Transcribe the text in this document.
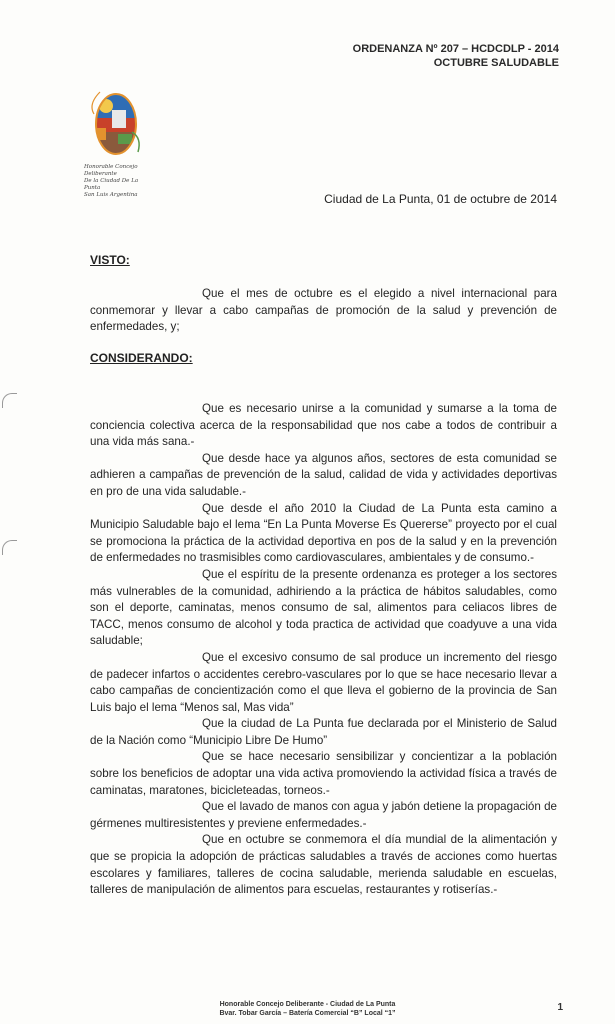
ORDENANZA Nº 207 – HCDCDLP - 2014
OCTUBRE SALUDABLE
Honorable Concejo Deliberante
De la Ciudad De La Punta
San Luis Argentina	Ciudad de La Punta, 01 de octubre de 2014
VISTO:

Que el mes de octubre es el elegido a nivel internacional para conmemorar y llevar a cabo campañas de promoción de la salud y prevención de enfermedades, y;

CONSIDERANDO:

Que es necesario unirse a la comunidad y sumarse a la toma de conciencia colectiva acerca de la responsabilidad que nos cabe a todos de contribuir a una vida más sana.-

Que desde hace ya algunos años, sectores de esta comunidad se adhieren a campañas de prevención de la salud, calidad de vida y actividades deportivas en pro de una vida saludable.-

Que desde el año 2010 la Ciudad de La Punta esta camino a Municipio Saludable bajo el lema “En La Punta Moverse Es Quererse” proyecto por el cual se promociona la práctica de la actividad deportiva en pos de la salud y en la prevención de enfermedades no trasmisibles como cardiovasculares, ambientales y de consumo.-

Que el espíritu de la presente ordenanza es proteger a los sectores más vulnerables de la comunidad, adhiriendo a la práctica de hábitos saludables, como son el deporte, caminatas, menos consumo de sal, alimentos para celiacos libres de TACC, menos consumo de alcohol y toda practica de actividad que coadyuve a una vida saludable;

Que el excesivo consumo de sal produce un incremento del riesgo de padecer infartos o accidentes cerebro-vasculares por lo que se hace necesario llevar a cabo campañas de concientización como el que lleva el gobierno de la provincia de San Luis bajo el lema “Menos sal, Mas vida”

Que la ciudad de La Punta fue declarada por el Ministerio de Salud de la Nación como “Municipio Libre De Humo”

Que se hace necesario sensibilizar y concientizar a la población sobre los beneficios de adoptar una vida activa promoviendo la actividad física a través de caminatas, maratones, bicicleteadas, torneos.-

Que el lavado de manos con agua y jabón detiene la propagación de gérmenes multiresistentes y previene enfermedades.-

Que en octubre se conmemora el día mundial de la alimentación y que se propicia la adopción de prácticas saludables a través de acciones como huertas escolares y familiares, talleres de cocina saludable, merienda saludable en escuelas, talleres de manipulación de alimentos para escuelas, restaurantes y rotiserías.-

Honorable Concejo Deliberante - Ciudad de La Punta
Bvar. Tobar García – Batería Comercial “B” Local “1”
1
